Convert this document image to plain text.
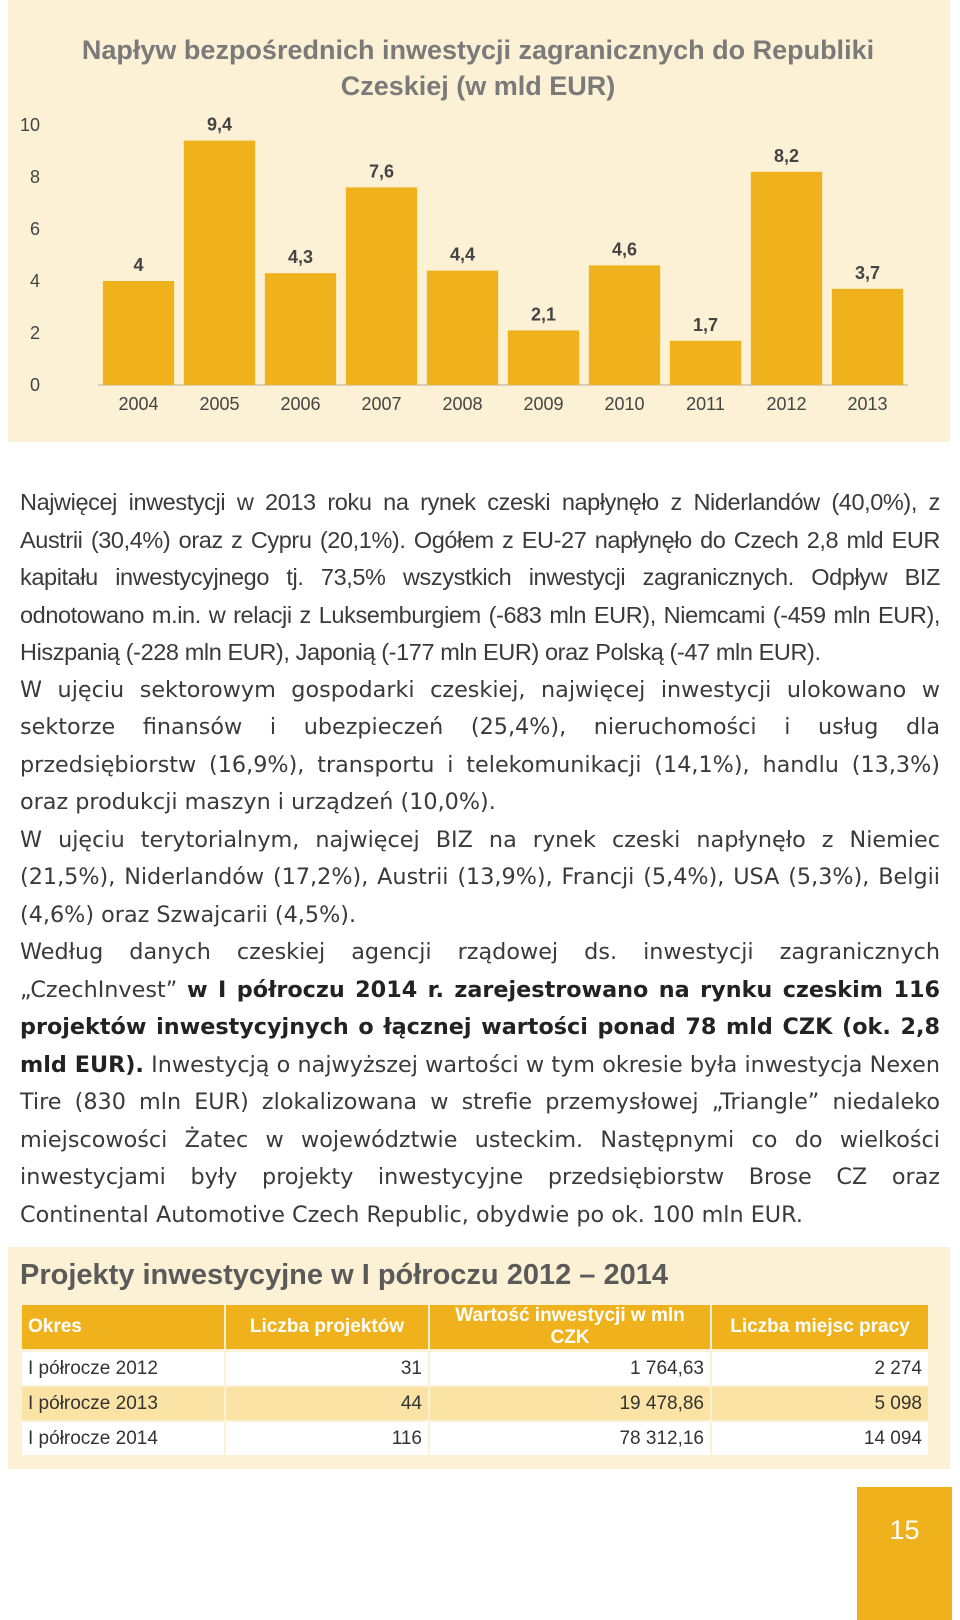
Napływ bezpośrednich inwestycji zagranicznych do Republiki
Czeskiej (w mld EUR)
0
2
4
6
8
10
4
2004
9,4
2005
4,3
2006
7,6
2007
4,4
2008
2,1
2009
4,6
2010
1,7
2011
8,2
2012
3,7
2013

Najwięcej inwestycji w 2013 roku na rynek czeski napłynęło z Niderlandów (40,0%), z Austrii (30,4%) oraz z Cypru (20,1%). Ogółem z EU-27 napłynęło do Czech 2,8 mld EUR kapitału inwestycyjnego tj. 73,5% wszystkich inwestycji zagranicznych. Odpływ BIZ odnotowano m.in. w relacji z Luksemburgiem (-683 mln EUR), Niemcami (-459 mln EUR), Hiszpanią (-228 mln EUR), Japonią (-177 mln EUR) oraz Polską (-47 mln EUR).

W ujęciu sektorowym gospodarki czeskiej, najwięcej inwestycji ulokowano w sektorze finansów i ubezpieczeń (25,4%), nieruchomości i usług dla przedsiębiorstw (16,9%), transportu i telekomunikacji (14,1%), handlu (13,3%) oraz produkcji maszyn i urządzeń (10,0%).

W ujęciu terytorialnym, najwięcej BIZ na rynek czeski napłynęło z Niemiec (21,5%), Niderlandów (17,2%), Austrii (13,9%), Francji (5,4%), USA (5,3%), Belgii (4,6%) oraz Szwajcarii (4,5%).

Według danych czeskiej agencji rządowej ds. inwestycji zagranicznych „CzechInvest” w I półroczu 2014 r. zarejestrowano na rynku czeskim 116 projektów inwestycyjnych o łącznej wartości ponad 78 mld CZK (ok. 2,8 mld EUR). Inwestycją o najwyższej wartości w tym okresie była inwestycja Nexen Tire (830 mln EUR) zlokalizowana w strefie przemysłowej „Triangle” niedaleko miejscowości Żatec w województwie usteckim. Następnymi co do wielkości inwestycjami były projekty inwestycyjne przedsiębiorstw Brose CZ oraz Continental Automotive Czech Republic, obydwie po ok. 100 mln EUR.

Projekty inwestycyjne w I półroczu 2012 – 2014
Okres	Liczba projektów	Wartość inwestycji w mln CZK	Liczba miejsc pracy
I półrocze 2012	31	1 764,63	2 274
I półrocze 2013	44	19 478,86	5 098
I półrocze 2014	116	78 312,16	14 094
15
